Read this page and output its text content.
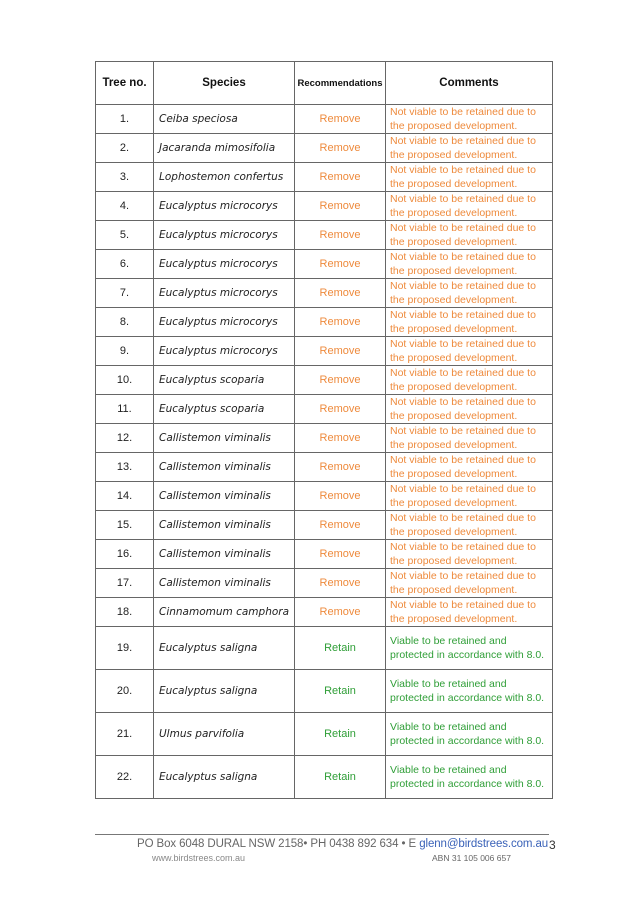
Tree no.	Species	Recommendations	Comments
1.	Ceiba speciosa	Remove	Not viable to be retained due to the proposed development.
2.	Jacaranda mimosifolia	Remove	Not viable to be retained due to the proposed development.
3.	Lophostemon confertus	Remove	Not viable to be retained due to the proposed development.
4.	Eucalyptus microcorys	Remove	Not viable to be retained due to the proposed development.
5.	Eucalyptus microcorys	Remove	Not viable to be retained due to the proposed development.
6.	Eucalyptus microcorys	Remove	Not viable to be retained due to the proposed development.
7.	Eucalyptus microcorys	Remove	Not viable to be retained due to the proposed development.
8.	Eucalyptus microcorys	Remove	Not viable to be retained due to the proposed development.
9.	Eucalyptus microcorys	Remove	Not viable to be retained due to the proposed development.
10.	Eucalyptus scoparia	Remove	Not viable to be retained due to the proposed development.
11.	Eucalyptus scoparia	Remove	Not viable to be retained due to the proposed development.
12.	Callistemon viminalis	Remove	Not viable to be retained due to the proposed development.
13.	Callistemon viminalis	Remove	Not viable to be retained due to the proposed development.
14.	Callistemon viminalis	Remove	Not viable to be retained due to the proposed development.
15.	Callistemon viminalis	Remove	Not viable to be retained due to the proposed development.
16.	Callistemon viminalis	Remove	Not viable to be retained due to the proposed development.
17.	Callistemon viminalis	Remove	Not viable to be retained due to the proposed development.
18.	Cinnamomum camphora	Remove	Not viable to be retained due to the proposed development.
19.	Eucalyptus saligna	Retain	Viable to be retained and protected in accordance with 8.0.
20.	Eucalyptus saligna	Retain	Viable to be retained and protected in accordance with 8.0.
21.	Ulmus parvifolia	Retain	Viable to be retained and protected in accordance with 8.0.
22.	Eucalyptus saligna	Retain	Viable to be retained and protected in accordance with 8.0.
PO Box 6048 DURAL NSW 2158• PH 0438 892 634 • E glenn@birdstrees.com.au
www.birdstrees.com.au	ABN 31 105 006 657
3
